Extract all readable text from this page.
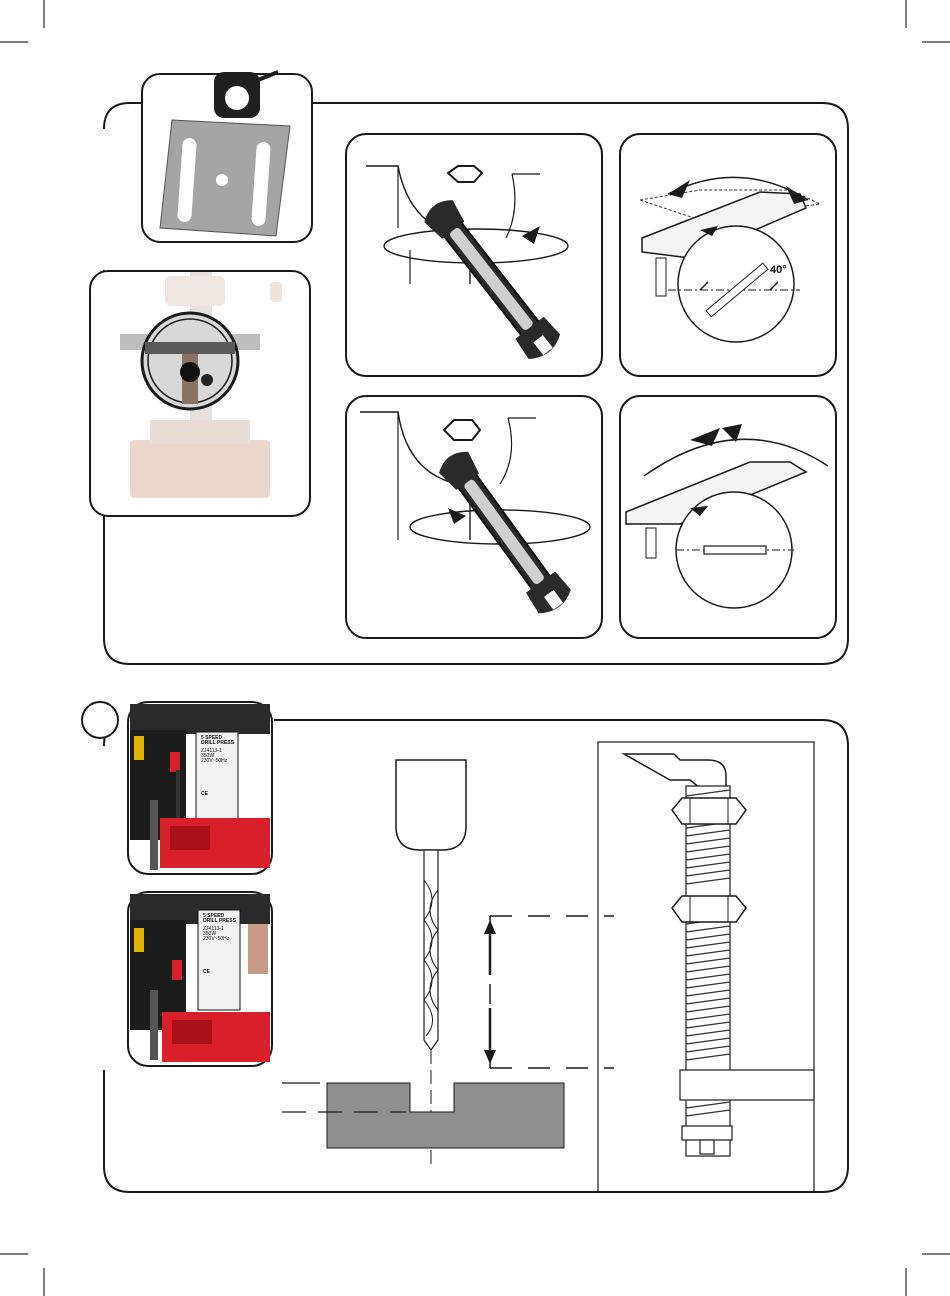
40°
5 SPEED
DRILL PRESS
ZJ4113-1
350W
230V~50Hz
CE
5 SPEED
DRILL PRESS
ZJ4113-1
350W
230V~50Hz
CE
